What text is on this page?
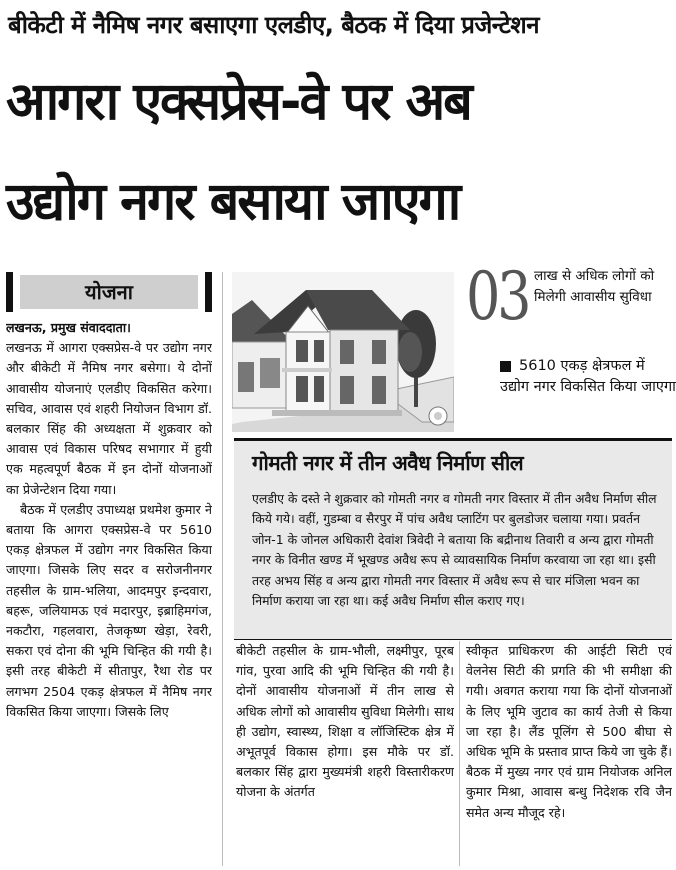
बीकेटी में नैमिष नगर बसाएगा एलडीए, बैठक में दिया प्रजेन्टेशन
आगरा एक्सप्रेस-वे पर अब
उद्योग नगर बसाया जाएगा
योजना

लखनऊ, प्रमुख संवाददाता।

लखनऊ में आगरा एक्सप्रेस-वे पर उद्योग नगर और बीकेटी में नैमिष नगर बसेगा। ये दोनों आवासीय योजनाएं एलडीए विकसित करेगा। सचिव, आवास एवं शहरी नियोजन विभाग डॉ. बलकार सिंह की अध्यक्षता में शुक्रवार को आवास एवं विकास परिषद सभागार में हुयी एक महत्वपूर्ण बैठक में इन दोनों योजनाओं का प्रेजेन्टेशन दिया गया।

बैठक में एलडीए उपाध्यक्ष प्रथमेश कुमार ने बताया कि आगरा एक्सप्रेस-वे पर 5610 एकड़ क्षेत्रफल में उद्योग नगर विकसित किया जाएगा। जिसके लिए सदर व सरोजनीनगर तहसील के ग्राम-भलिया, आदमपुर इन्दवारा, बहरू, जलियामऊ एवं मदारपुर, इब्राहिमगंज, नकटौरा, गहलवारा, तेजकृष्ण खेड़ा, रेवरी, सकरा एवं दोना की भूमि चिन्हित की गयी है। इसी तरह बीकेटी में सीतापुर, रैथा रोड पर लगभग 2504 एकड़ क्षेत्रफल में नैमिष नगर विकसित किया जाएगा। जिसके लिए

03 लाख से अधिक लोगों को मिलेगी आवासीय सुविधा
5610 एकड़ क्षेत्रफल में उद्योग नगर विकसित किया जाएगा
गोमती नगर में तीन अवैध निर्माण सील
एलडीए के दस्ते ने शुक्रवार को गोमती नगर व गोमती नगर विस्तार में तीन अवैध निर्माण सील किये गये। वहीं, गुडम्बा व सैरपुर में पांच अवैध प्लाटिंग पर बुलडोजर चलाया गया। प्रवर्तन जोन-1 के जोनल अधिकारी देवांश त्रिवेदी ने बताया कि बद्रीनाथ तिवारी व अन्य द्वारा गोमती नगर के विनीत खण्ड में भूखण्ड अवैध रूप से व्यावसायिक निर्माण करवाया जा रहा था। इसी तरह अभय सिंह व अन्य द्वारा गोमती नगर विस्तार में अवैध रूप से चार मंजिला भवन का निर्माण कराया जा रहा था। कई अवैध निर्माण सील कराए गए।
बीकेटी तहसील के ग्राम-भौली, लक्ष्मीपुर, पूरब गांव, पुरवा आदि की भूमि चिन्हित की गयी है। दोनों आवासीय योजनाओं में तीन लाख से अधिक लोगों को आवासीय सुविधा मिलेगी। साथ ही उद्योग, स्वास्थ्य, शिक्षा व लॉजिस्टिक क्षेत्र में अभूतपूर्व विकास होगा। इस मौके पर डॉ. बलकार सिंह द्वारा मुख्यमंत्री शहरी विस्तारीकरण योजना के अंतर्गत
स्वीकृत प्राधिकरण की आईटी सिटी एवं वेलनेस सिटी की प्रगति की भी समीक्षा की गयी। अवगत कराया गया कि दोनों योजनाओं के लिए भूमि जुटाव का कार्य तेजी से किया जा रहा है। लैंड पूलिंग से 500 बीघा से अधिक भूमि के प्रस्ताव प्राप्त किये जा चुके हैं। बैठक में मुख्य नगर एवं ग्राम नियोजक अनिल कुमार मिश्रा, आवास बन्धु निदेशक रवि जैन समेत अन्य मौजूद रहे।
